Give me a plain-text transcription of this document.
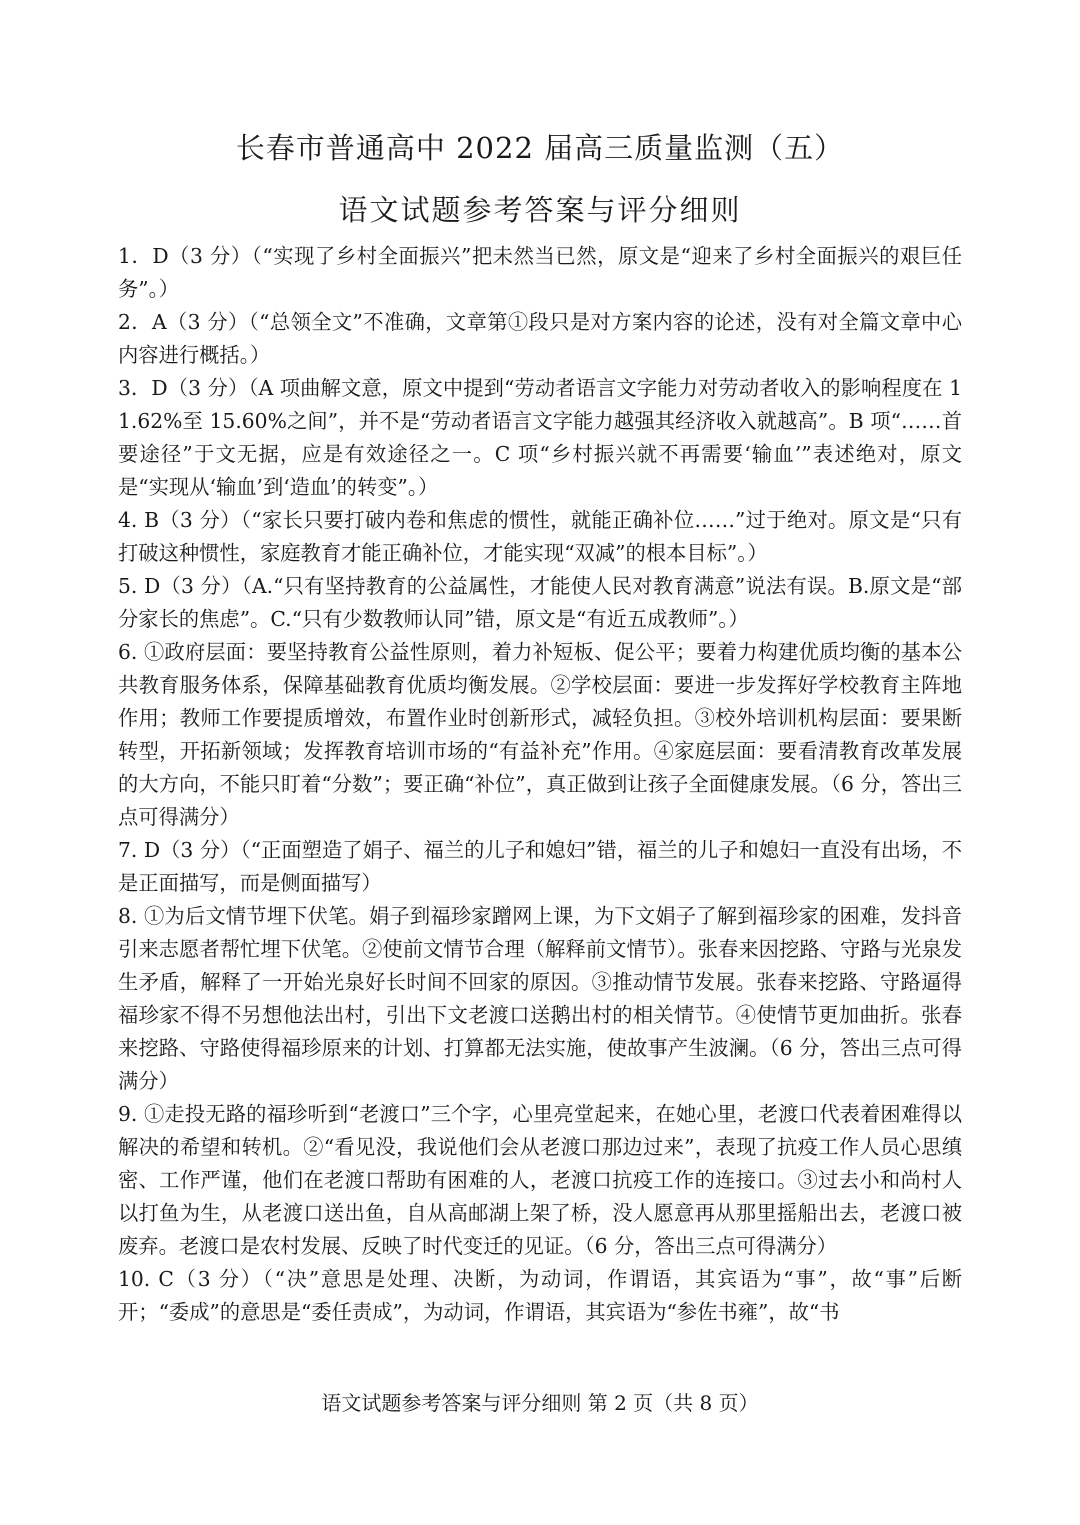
长春市普通高中 2022 届高三质量监测（五）
语文试题参考答案与评分细则

1．D（3 分）（“实现了乡村全面振兴”把未然当已然，原文是“迎来了乡村全面振兴的艰巨任务”。）

2．A（3 分）（“总领全文”不准确，文章第①段只是对方案内容的论述，没有对全篇文章中心内容进行概括。）

3．D（3 分）（A 项曲解文意，原文中提到“劳动者语言文字能力对劳动者收入的影响程度在 11.62%至 15.60%之间”，并不是“劳动者语言文字能力越强其经济收入就越高”。B 项“……首要途径”于文无据，应是有效途径之一。C 项“乡村振兴就不再需要‘输血’”表述绝对，原文是“实现从‘输血’到‘造血’的转变”。）

4. B（3 分）（“家长只要打破内卷和焦虑的惯性，就能正确补位……”过于绝对。原文是“只有打破这种惯性，家庭教育才能正确补位，才能实现“双减”的根本目标”。）

5. D（3 分）（A.“只有坚持教育的公益属性，才能使人民对教育满意”说法有误。B.原文是“部分家长的焦虑”。C.“只有少数教师认同”错，原文是“有近五成教师”。）

6. ①政府层面：要坚持教育公益性原则，着力补短板、促公平；要着力构建优质均衡的基本公共教育服务体系，保障基础教育优质均衡发展。②学校层面：要进一步发挥好学校教育主阵地作用；教师工作要提质增效，布置作业时创新形式，减轻负担。③校外培训机构层面：要果断转型，开拓新领域；发挥教育培训市场的“有益补充”作用。④家庭层面：要看清教育改革发展的大方向，不能只盯着“分数”；要正确“补位”，真正做到让孩子全面健康发展。（6 分，答出三点可得满分）

7. D（3 分）（“正面塑造了娟子、福兰的儿子和媳妇”错，福兰的儿子和媳妇一直没有出场，不是正面描写，而是侧面描写）

8. ①为后文情节埋下伏笔。娟子到福珍家蹭网上课，为下文娟子了解到福珍家的困难，发抖音引来志愿者帮忙埋下伏笔。②使前文情节合理（解释前文情节）。张春来因挖路、守路与光泉发生矛盾，解释了一开始光泉好长时间不回家的原因。③推动情节发展。张春来挖路、守路逼得福珍家不得不另想他法出村，引出下文老渡口送鹅出村的相关情节。④使情节更加曲折。张春来挖路、守路使得福珍原来的计划、打算都无法实施，使故事产生波澜。（6 分，答出三点可得满分）

9. ①走投无路的福珍听到“老渡口”三个字，心里亮堂起来，在她心里，老渡口代表着困难得以解决的希望和转机。②“看见没，我说他们会从老渡口那边过来”，表现了抗疫工作人员心思缜密、工作严谨，他们在老渡口帮助有困难的人，老渡口抗疫工作的连接口。③过去小和尚村人以打鱼为生，从老渡口送出鱼，自从高邮湖上架了桥，没人愿意再从那里摇船出去，老渡口被废弃。老渡口是农村发展、反映了时代变迁的见证。（6 分，答出三点可得满分）

10. C（3 分）（“决”意思是处理、决断，为动词，作谓语，其宾语为“事”，故“事”后断开；“委成”的意思是“委任责成”，为动词，作谓语，其宾语为“参佐书雍”，故“书

语文试题参考答案与评分细则 第 2 页（共 8 页）
